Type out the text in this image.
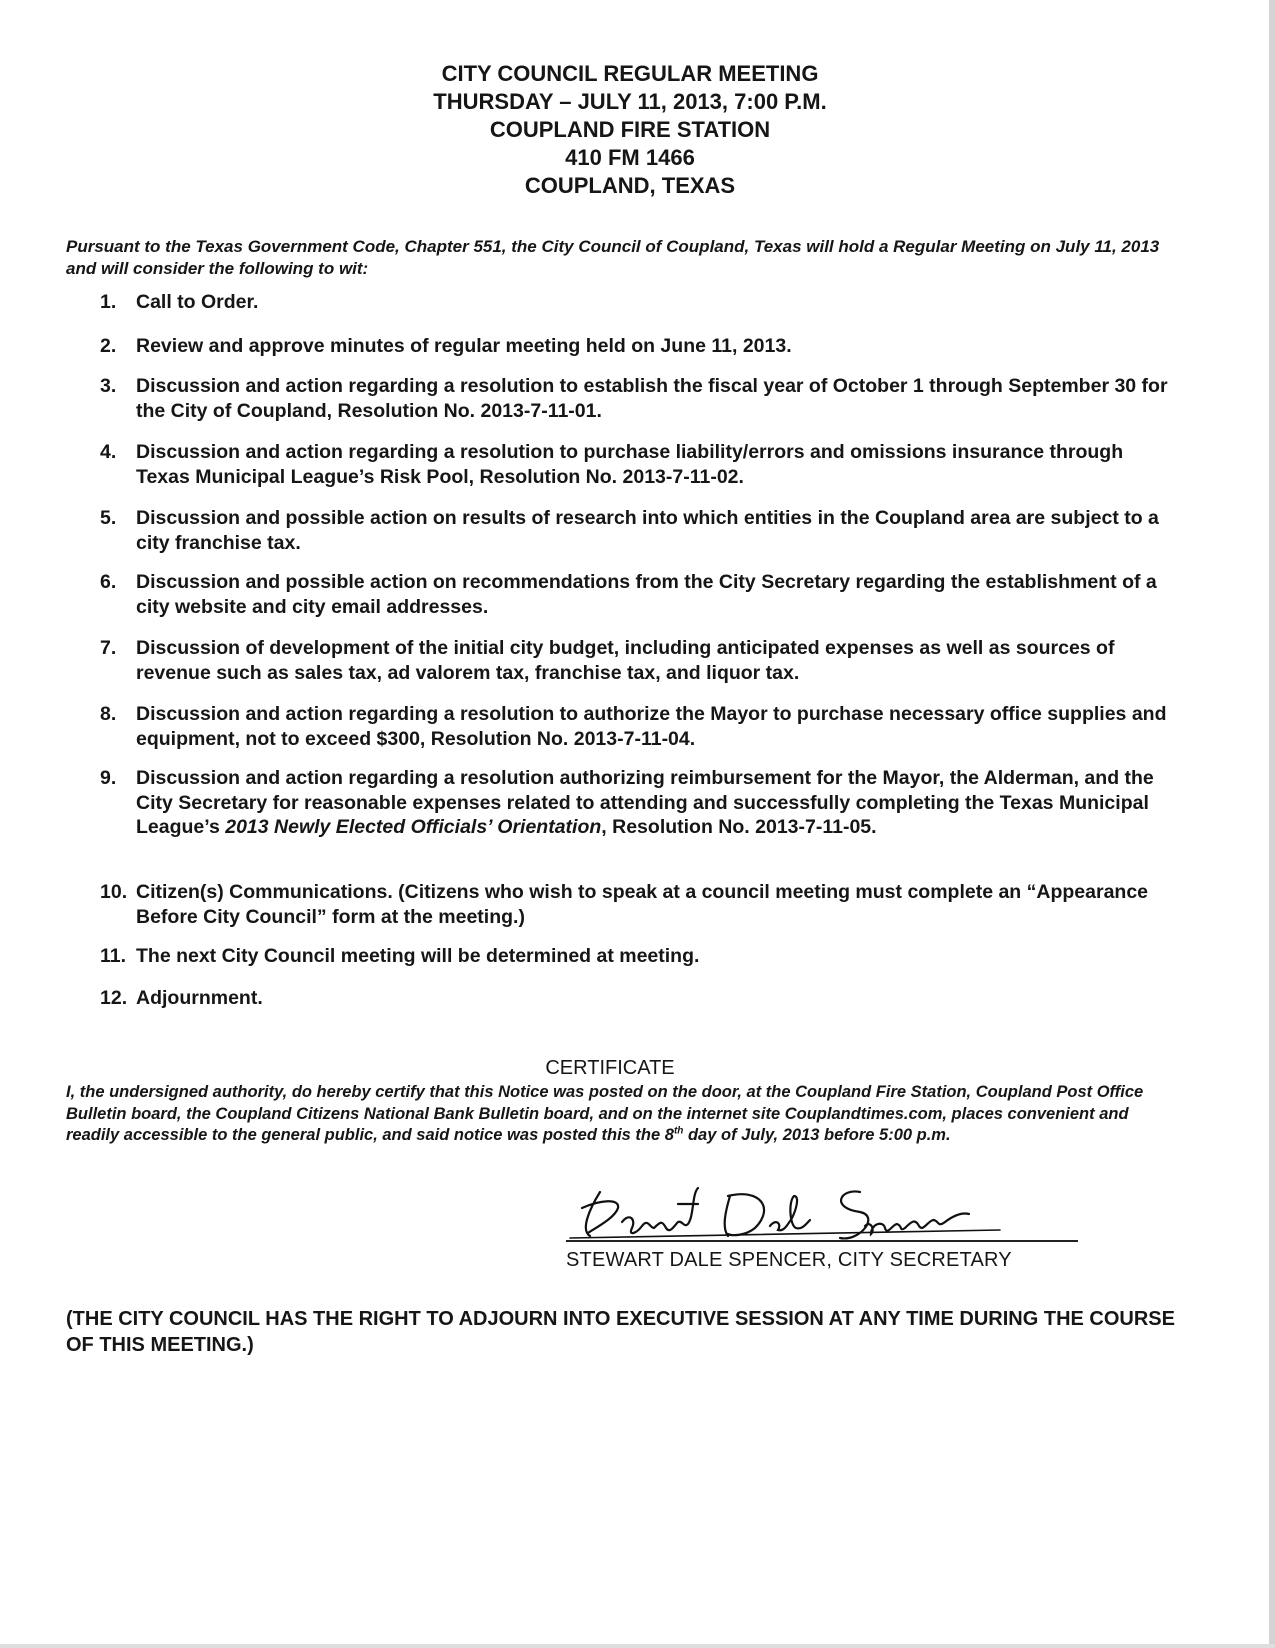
CITY COUNCIL REGULAR MEETING
THURSDAY – JULY 11, 2013, 7:00 P.M.
COUPLAND FIRE STATION
410 FM 1466
COUPLAND, TEXAS
Pursuant to the Texas Government Code, Chapter 551, the City Council of Coupland, Texas will hold a Regular Meeting on July 11, 2013 and will consider the following to wit:
1.	Call to Order.
2.	Review and approve minutes of regular meeting held on June 11, 2013.
3.	Discussion and action regarding a resolution to establish the fiscal year of October 1 through September 30 for the City of Coupland, Resolution No. 2013-7-11-01.
4.	Discussion and action regarding a resolution to purchase liability/errors and omissions insurance through Texas Municipal League’s Risk Pool, Resolution No. 2013-7-11-02.
5.	Discussion and possible action on results of research into which entities in the Coupland area are subject to a city franchise tax.
6.	Discussion and possible action on recommendations from the City Secretary regarding the establishment of a city website and city email addresses.
7.	Discussion of development of the initial city budget, including anticipated expenses as well as sources of revenue such as sales tax, ad valorem tax, franchise tax, and liquor tax.
8.	Discussion and action regarding a resolution to authorize the Mayor to purchase necessary office supplies and equipment, not to exceed $300, Resolution No. 2013-7-11-04.
9.	Discussion and action regarding a resolution authorizing reimbursement for the Mayor, the Alderman, and the City Secretary for reasonable expenses related to attending and successfully completing the Texas Municipal League’s 2013 Newly Elected Officials’ Orientation, Resolution No. 2013-7-11-05.
10. Citizen(s) Communications. (Citizens who wish to speak at a council meeting must complete an “Appearance Before City Council” form at the meeting.)
11. The next City Council meeting will be determined at meeting.
12. Adjournment.
CERTIFICATE
I, the undersigned authority, do hereby certify that this Notice was posted on the door, at the Coupland Fire Station, Coupland Post Office Bulletin board, the Coupland Citizens National Bank Bulletin board, and on the internet site Couplandtimes.com, places convenient and readily accessible to the general public, and said notice was posted this the 8th day of July, 2013 before 5:00 p.m.
STEWART DALE SPENCER, CITY SECRETARY
(THE CITY COUNCIL HAS THE RIGHT TO ADJOURN INTO EXECUTIVE SESSION AT ANY TIME DURING THE COURSE OF THIS MEETING.)
